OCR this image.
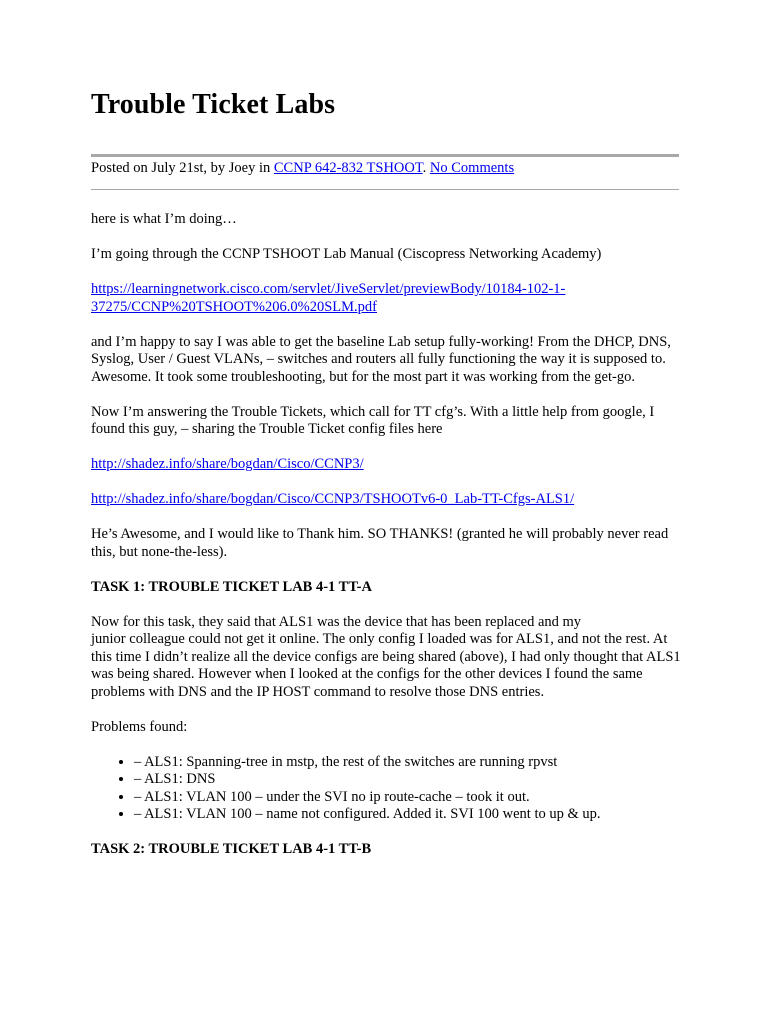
Trouble Ticket Labs

Posted on July 21st, by Joey in CCNP 642-832 TSHOOT. No Comments

here is what I’m doing…

I’m going through the CCNP TSHOOT Lab Manual (Ciscopress Networking Academy)

https://learningnetwork.cisco.com/servlet/JiveServlet/previewBody/10184-102-1-
37275/CCNP%20TSHOOT%206.0%20SLM.pdf

and I’m happy to say I was able to get the baseline Lab setup fully-working! From the DHCP, DNS, Syslog, User / Guest VLANs, – switches and routers all fully functioning the way it is supposed to. Awesome. It took some troubleshooting, but for the most part it was working from the get-go.

Now I’m answering the Trouble Tickets, which call for TT cfg’s. With a little help from google, I found this guy, – sharing the Trouble Ticket config files here

http://shadez.info/share/bogdan/Cisco/CCNP3/

http://shadez.info/share/bogdan/Cisco/CCNP3/TSHOOTv6-0_Lab-TT-Cfgs-ALS1/

He’s Awesome, and I would like to Thank him. SO THANKS! (granted he will probably never read this, but none-the-less).

TASK 1: TROUBLE TICKET LAB 4-1 TT-A

Now for this task, they said that ALS1 was the device that has been replaced and my
junior colleague could not get it online. The only config I loaded was for ALS1, and not the rest. At this time I didn’t realize all the device configs are being shared (above), I had only thought that ALS1 was being shared. However when I looked at the configs for the other devices I found the same problems with DNS and the IP HOST command to resolve those DNS entries.

Problems found:

• – ALS1: Spanning-tree in mstp, the rest of the switches are running rpvst
• – ALS1: DNS
• – ALS1: VLAN 100 – under the SVI no ip route-cache – took it out.
• – ALS1: VLAN 100 – name not configured. Added it. SVI 100 went to up & up.
TASK 2: TROUBLE TICKET LAB 4-1 TT-B
